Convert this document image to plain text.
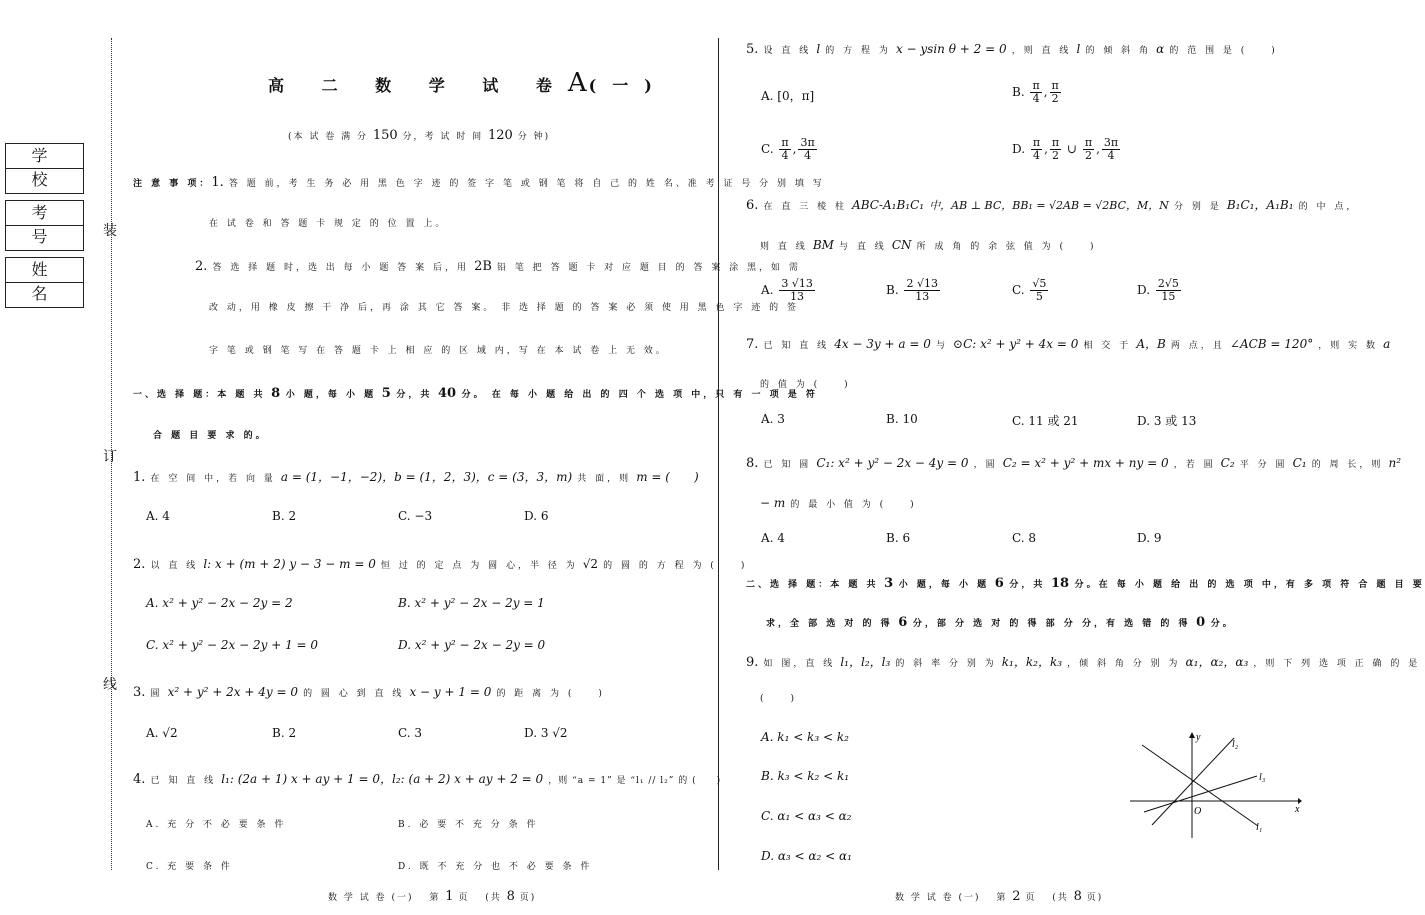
学　校
考　号
姓　名
装
订
线
高 二 数 学 试 卷A(一)
(本 试 卷 满 分 150 分，考 试 时 间 120 分 钟)
注 意 事 项：1. 答 题 前，考 生 务 必 用 黑 色 字 迹 的 签 字 笔 或 钢 笔 将 自 己 的 姓 名、准 考 证 号 分 别 填 写
在 试 卷 和 答 题 卡 规 定 的 位 置 上。
2. 答 选 择 题 时，选 出 每 小 题 答 案 后，用 2B 铅 笔 把 答 题 卡 对 应 题 目 的 答 案 涂 黑，如 需
改 动，用 橡 皮 擦 干 净 后，再 涂 其 它 答 案。 非 选 择 题 的 答 案 必 须 使 用 黑 色 字 迹 的 签
字 笔 或 钢 笔 写 在 答 题 卡 上 相 应 的 区 域 内，写 在 本 试 卷 上 无 效。
一、选 择 题：本 题 共 8 小 题，每 小 题 5 分，共 40 分。 在 每 小 题 给 出 的 四 个 选 项 中，只 有 一 项 是 符
合 题 目 要 求 的。
1. 在 空 间 中，若 向 量 a = (1，−1，−2)，b = (1，2，3)，c = (3，3，m) 共 面，则 m = (　　)
A. 4	B. 2	C. −3	D. 6
2. 以 直 线 l: x + (m + 2) y − 3 − m = 0 恒 过 的 定 点 为 圆 心，半 径 为 √2 的 圆 的 方 程 为 (　　)
A. x² + y² − 2x − 2y = 2	B. x² + y² − 2x − 2y = 1
C. x² + y² − 2x − 2y + 1 = 0	D. x² + y² − 2x − 2y = 0
3. 圆 x² + y² + 2x + 4y = 0 的 圆 心 到 直 线 x − y + 1 = 0 的 距 离 为 (　　)
A. √2	B. 2	C. 3	D. 3 √2
4. 已 知 直 线 l₁: (2a + 1) x + ay + 1 = 0，l₂: (a + 2) x + ay + 2 = 0 ，则 “a = 1” 是 “l₁ // l₂” 的 (　　)
A. 充 分 不 必 要 条 件	B. 必 要 不 充 分 条 件
C. 充 要 条 件	D. 既 不 充 分 也 不 必 要 条 件
数 学 试 卷 (一)　 第 1 页　 (共 8 页)
5. 设 直 线 l 的 方 程 为 x − ysin θ + 2 = 0 ，则 直 线 l 的 倾 斜 角 α 的 范 围 是 (　　)
A. [0，π]	B. $\frac{\pi}{4}$ , $\frac{\pi}{2}$
C. $\frac{\pi}{4}$ , $\frac{3\pi}{4}$	D. $\frac{\pi}{4}$ , $\frac{\pi}{2}$ ∪ $\frac{\pi}{2}$ , $\frac{3\pi}{4}$
6. 在 直 三 棱 柱 ABC-A₁B₁C₁ 中，AB ⊥ BC，BB₁ = √2AB = √2BC，M，N 分 别 是 B₁C₁，A₁B₁ 的 中 点，
则 直 线 BM 与 直 线 CN 所 成 角 的 余 弦 值 为 (　　)
A. $\frac{3 √13}{13}$	B. $\frac{2 √13}{13}$	C. $\frac{√5}{5}$	D. $\frac{2√5}{15}$
7. 已 知 直 线 4x − 3y + a = 0 与 ⊙C: x² + y² + 4x = 0 相 交 于 A，B 两 点，且 ∠ACB = 120° ，则 实 数 a
的 值 为 (　　)
A. 3	B. 10	C. 11 或 21	D. 3 或 13
8. 已 知 圆 C₁: x² + y² − 2x − 4y = 0 ，圆 C₂ = x² + y² + mx + ny = 0 ，若 圆 C₂ 平 分 圆 C₁ 的 周 长，则 n²
− m 的 最 小 值 为 (　　)
A. 4	B. 6	C. 8	D. 9
二、选 择 题：本 题 共 3 小 题，每 小 题 6 分，共 18 分。在 每 小 题 给 出 的 选 项 中，有 多 项 符 合 题 目 要
求，全 部 选 对 的 得 6 分，部 分 选 对 的 得 部 分 分，有 选 错 的 得 0 分。
9. 如 图，直 线 l₁，l₂，l₃ 的 斜 率 分 别 为 k₁，k₂，k₃ ，倾 斜 角 分 别 为 α₁，α₂，α₃ ，则 下 列 选 项 正 确 的 是
(　　)
A. k₁ < k₃ < k₂
B. k₃ < k₂ < k₁
C. α₁ < α₃ < α₂
D. α₃ < α₂ < α₁
y
x
O
l₁
l₂
l₃
数 学 试 卷 (一)　 第 2 页　 (共 8 页)
